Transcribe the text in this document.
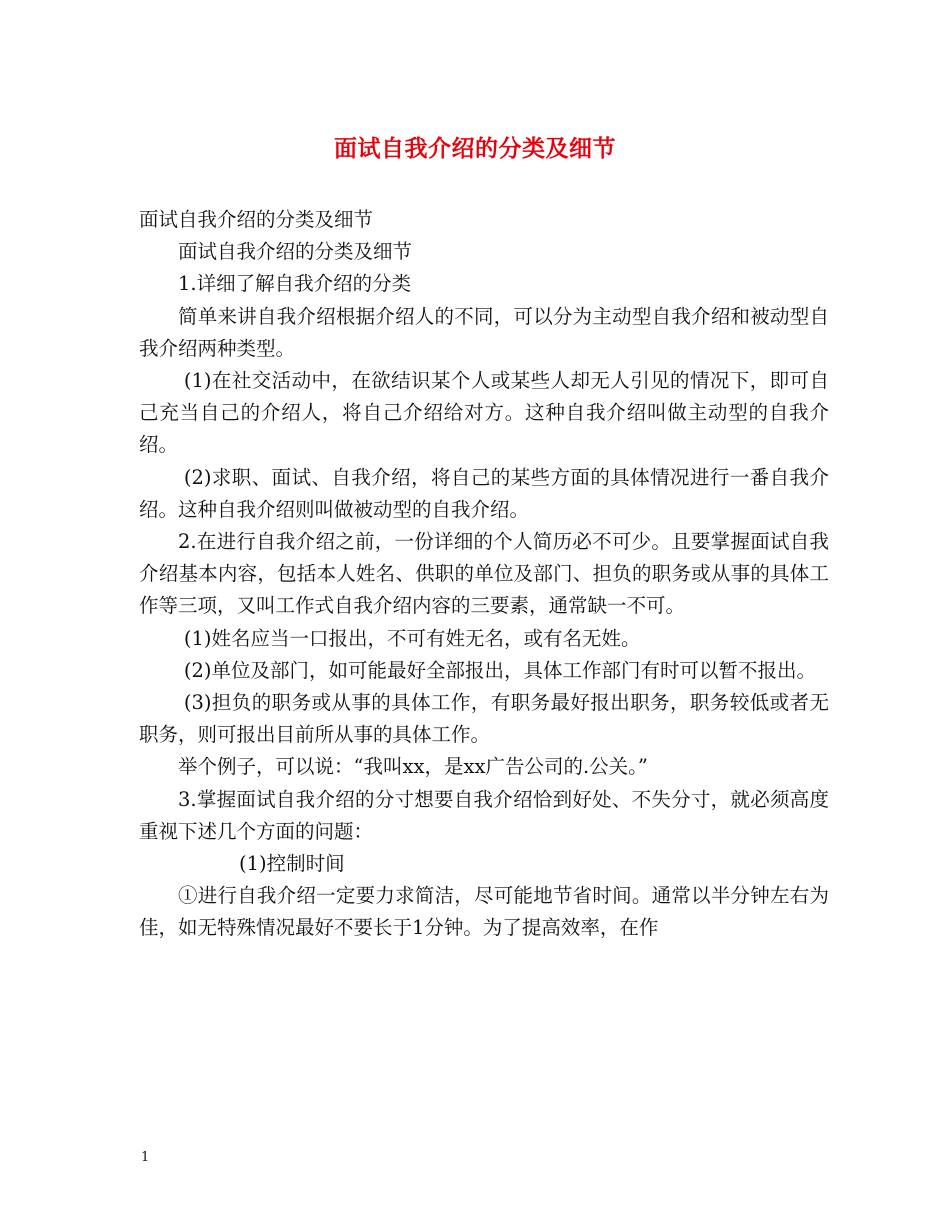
面试自我介绍的分类及细节

面试自我介绍的分类及细节

面试自我介绍的分类及细节

1.详细了解自我介绍的分类

简单来讲自我介绍根据介绍人的不同，可以分为主动型自我介绍和被动型自我介绍两种类型。

(1)在社交活动中，在欲结识某个人或某些人却无人引见的情况下，即可自己充当自己的介绍人，将自己介绍给对方。这种自我介绍叫做主动型的自我介绍。

(2)求职、面试、自我介绍，将自己的某些方面的具体情况进行一番自我介绍。这种自我介绍则叫做被动型的自我介绍。

2.在进行自我介绍之前，一份详细的个人简历必不可少。且要掌握面试自我介绍基本内容，包括本人姓名、供职的单位及部门、担负的职务或从事的具体工作等三项，又叫工作式自我介绍内容的三要素，通常缺一不可。

(1)姓名应当一口报出，不可有姓无名，或有名无姓。

(2)单位及部门，如可能最好全部报出，具体工作部门有时可以暂不报出。

(3)担负的职务或从事的具体工作，有职务最好报出职务，职务较低或者无职务，则可报出目前所从事的具体工作。

举个例子，可以说：“我叫xx，是xx广告公司的.公关。”

3.掌握面试自我介绍的分寸想要自我介绍恰到好处、不失分寸，就必须高度重视下述几个方面的问题：

(1)控制时间

①进行自我介绍一定要力求简洁，尽可能地节省时间。通常以半分钟左右为佳，如无特殊情况最好不要长于1分钟。为了提高效率，在作

1
